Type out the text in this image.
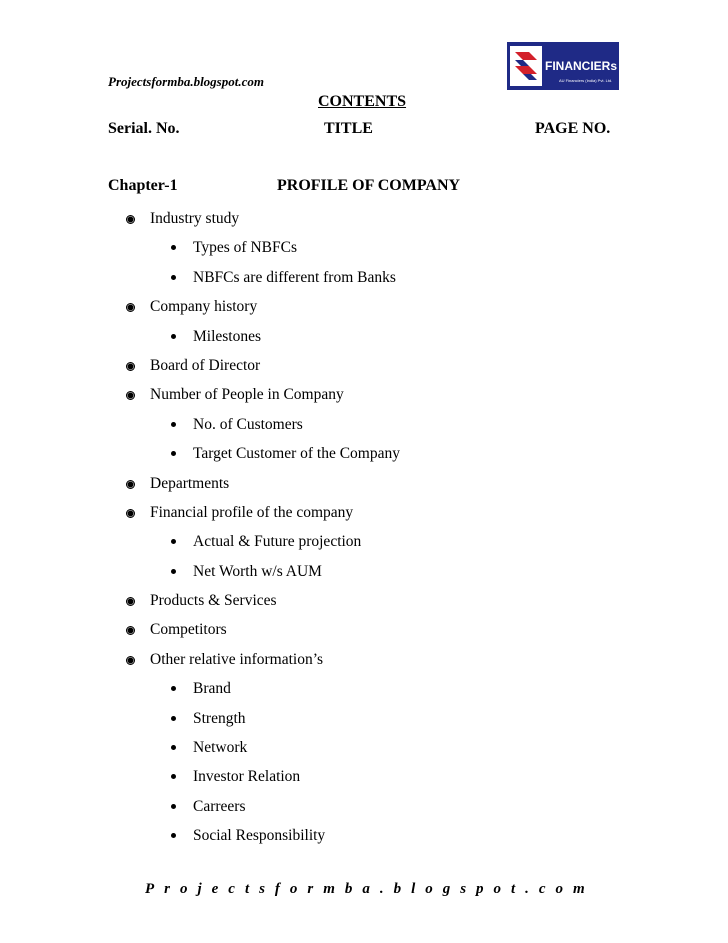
Projectsformba.blogspot.com
FINANCIERs
AU Financiers (India) Pvt. Ltd.
CONTENTS
Serial. No.	TITLE	PAGE NO.
Chapter-1	PROFILE OF COMPANY
Industry study
Types of NBFCs
NBFCs are different from Banks
Company history
Milestones
Board of Director
Number of People in Company
No. of Customers
Target Customer of the Company
Departments
Financial profile of the company
Actual & Future projection
Net Worth w/s AUM
Products & Services
Competitors
Other relative information’s
Brand
Strength
Network
Investor Relation
Carreers
Social Responsibility
P r o j e c t s f o r m b a . b l o g s p o t . c o m
